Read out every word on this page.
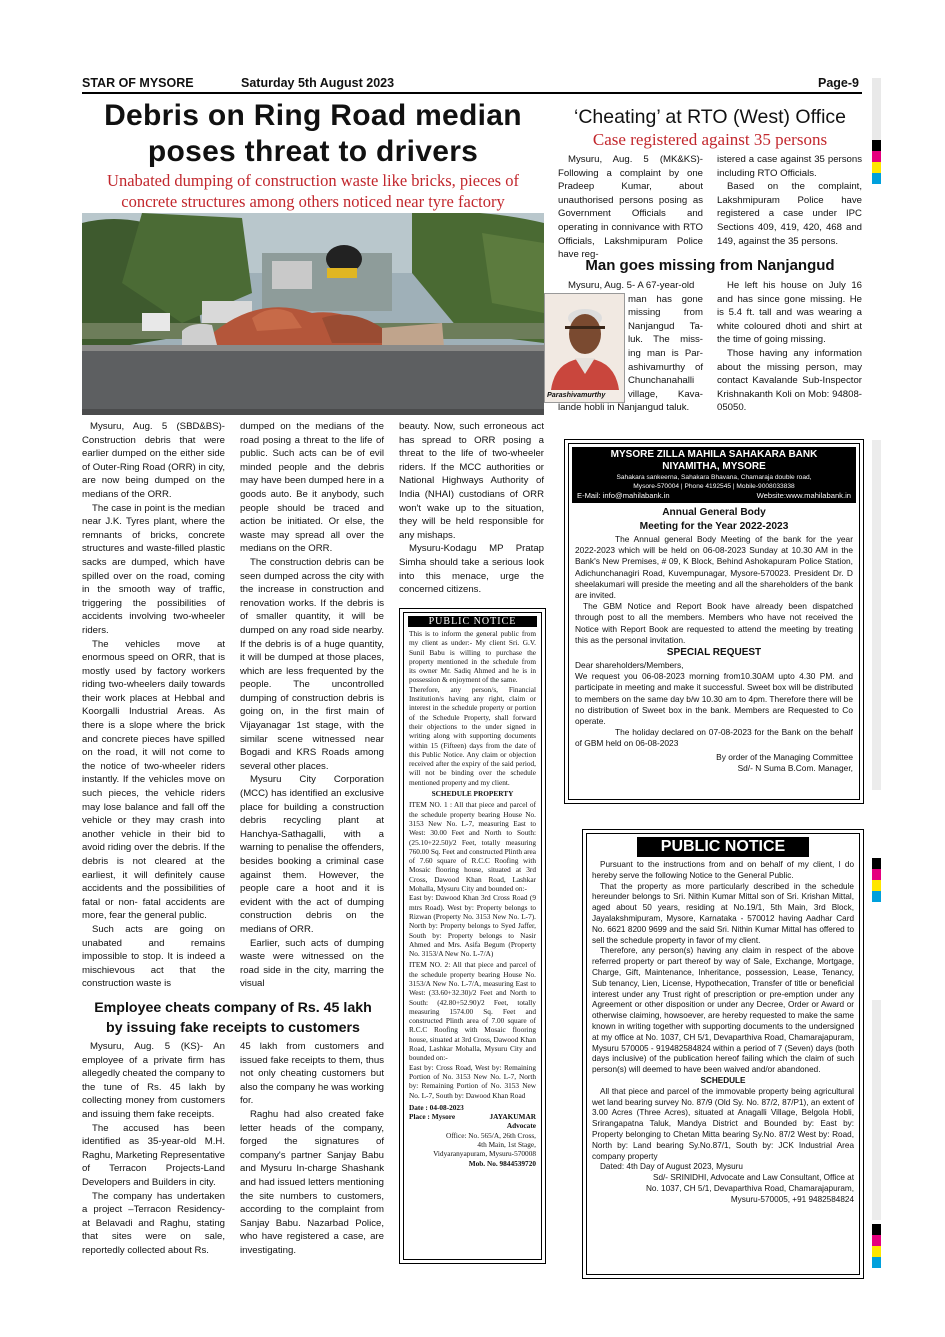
STAR OF MYSORE	Saturday 5th August 2023	Page-9
Debris on Ring Road median
poses threat to drivers
Unabated dumping of construction waste like bricks, pieces of
concrete structures among others noticed near tyre factory

Mysuru, Aug. 5 (SBD&BS)- Construction debris that were earlier dumped on the either side of Outer-Ring Road (ORR) in city, are now being dumped on the medians of the ORR.

The case in point is the median near J.K. Tyres plant, where the remnants of bricks, concrete structures and waste-filled plastic sacks are dumped, which have spilled over on the road, coming in the smooth way of traffic, triggering the possibilities of accidents involving two-wheeler riders.

The vehicles move at enormous speed on ORR, that is mostly used by factory workers riding two-wheelers daily towards their work places at Hebbal and Koorgalli Industrial Areas. As there is a slope where the brick and concrete pieces have spilled on the road, it will not come to the notice of two-wheeler riders instantly. If the vehicles move on such pieces, the vehicle riders may lose balance and fall off the vehicle or they may crash into another vehicle in their bid to avoid riding over the debris. If the debris is not cleared at the earliest, it will definitely cause accidents and the possibilities of fatal or non- fatal accidents are more, fear the general public.

Such acts are going on unabated and remains impossible to stop. It is indeed a mischievous act that the construction waste is

dumped on the medians of the road posing a threat to the life of public. Such acts can be of evil minded people and the debris may have been dumped here in a goods auto. Be it anybody, such people should be traced and action be initiated. Or else, the waste may spread all over the medians on the ORR.

The construction debris can be seen dumped across the city with the increase in construction and renovation works. If the debris is of smaller quantity, it will be dumped on any road side nearby. If the debris is of a huge quantity, it will be dumped at those places, which are less frequented by the people. The uncontrolled dumping of construction debris is going on, in the first main of Vijayanagar 1st stage, with the similar scene witnessed near Bogadi and KRS Roads among several other places.

Mysuru City Corporation (MCC) has identified an exclusive place for building a construction debris recycling plant at Hanchya-Sathagalli, with a warning to penalise the offenders, besides booking a criminal case against them. However, the people care a hoot and it is evident with the act of dumping construction debris on the medians of ORR.

Earlier, such acts of dumping waste were witnessed on the road side in the city, marring the visual

beauty. Now, such erroneous act has spread to ORR posing a threat to the life of two-wheeler riders. If the MCC authorities or National Highways Authority of India (NHAI) custodians of ORR won't wake up to the situation, they will be held responsible for any mishaps.

Mysuru-Kodagu MP Pratap Simha should take a serious look into this menace, urge the concerned citizens.

PUBLIC NOTICE

This is to inform the general public from my client as under:- My client Sri. G.V. Sunil Babu is willing to purchase the property mentioned in the schedule from its owner Mr. Sadiq Ahmed and he is in possession & enjoyment of the same.

Therefore, any person/s, Financial Institution/s having any right, claim or interest in the schedule property or portion of the Schedule Property, shall forward their objections to the under signed in writing along with supporting documents within 15 (Fifteen) days from the date of this Public Notice. Any claim or objection received after the expiry of the said period, will not be binding over the schedule mentioned property and my client.

SCHEDULE PROPERTY

ITEM NO. 1 : All that piece and parcel of the schedule property bearing House No. 3153 New No. L-7, measuring East to West: 30.00 Feet and North to South: (25.10+22.50)/2 Feet, totally measuring 760.00 Sq. Feet and constructed Plinth area of 7.60 square of R.C.C Roofing with Mosaic flooring house, situated at 3rd Cross, Dawood Khan Road, Lashkar Mohalla, Mysuru City and bounded on:-

East by: Dawood Khan 3rd Cross Road (9 mtrs Road). West by: Property belongs to Rizwan (Property No. 3153 New No. L-7). North by: Property belongs to Syed Jaffer, South by: Property belongs to Nasir Ahmed and Mrs. Asifa Begum (Property No. 3153/A New No. L-7/A)

ITEM NO. 2: All that piece and parcel of the schedule property bearing House No. 3153/A New No. L-7/A, measuring East to West: (33.60+32.30)/2 Feet and North to South: (42.80+52.90)/2 Feet, totally measuring 1574.00 Sq. Feet and constructed Plinth area of 7.00 square of R.C.C Roofing with Mosaic flooring house, situated at 3rd Cross, Dawood Khan Road, Lashkar Mohalla, Mysuru City and bounded on:-

East by: Cross Road, West by: Remaining Portion of No. 3153 New No. L-7, North by: Remaining Portion of No. 3153 New No. L-7, South by: Dawood Khan Road

Date : 04-08-2023
Place : Mysore	JAYAKUMAR
Advocate
Office: No. 565/A, 26th Cross,
4th Main, 1st Stage,
Vidyaranyapuram, Mysuru-570008
Mob. No. 9844539720
Employee cheats company of Rs. 45 lakh
by issuing fake receipts to customers

Mysuru, Aug. 5 (KS)- An employee of a private firm has allegedly cheated the company to the tune of Rs. 45 lakh by collecting money from customers and issuing them fake receipts.

The accused has been identified as 35-year-old M.H. Raghu, Marketing Representative of Terracon Projects-Land Developers and Builders in city.

The company has undertaken a project –Terracon Residency- at Belavadi and Raghu, stating that sites were on sale, reportedly collected about Rs.

45 lakh from customers and issued fake receipts to them, thus not only cheating customers but also the company he was working for.

Raghu had also created fake letter heads of the company, forged the signatures of company's partner Sanjay Babu and Mysuru In-charge Shashank and had issued letters mentioning the site numbers to customers, according to the complaint from Sanjay Babu. Nazarbad Police, who have registered a case, are investigating.

‘Cheating’ at RTO (West) Office
Case registered against 35 persons

Mysuru, Aug. 5 (MK&KS)- Following a complaint by one Pradeep Kumar, about unauthorised persons posing as Government Officials and operating in connivance with RTO Officials, Lakshmipuram Police have reg-

istered a case against 35 persons including RTO Officials.

Based on the complaint, Lakshmipuram Police have registered a case under IPC Sections 409, 419, 420, 468 and 149, against the 35 persons.

Man goes missing from Nanjangud
Parashivamurthy
Mysuru, Aug. 5- A 67-year-old
man has gone
missing from
Nanjangud Ta-
luk. The miss-
ing man is Par-
ashivamurthy of
Chunchanahalli
village, Kava-
lande hobli in Nanjangud taluk.

He left his house on July 16 and has since gone missing. He is 5.4 ft. tall and was wearing a white coloured dhoti and shirt at the time of going missing.

Those having any information about the missing person, may contact Kavalande Sub-Inspector Krishnakanth Koli on Mob: 94808-05050.

MYSORE ZILLA MAHILA SAHAKARA BANK
NIYAMITHA, MYSORE
Sahakara sankeerna, Sahakara Bhavana, Chamaraja double road,
Mysore-570004 | Phone 4192545 | Mobile-9008033838
E-Mail: info@mahilabank.in	Website:www.mahilabank.in
Annual General Body
Meeting for the Year 2022-2023

The Annual general Body Meeting of the bank for the year 2022-2023 which will be held on 06-08-2023 Sunday at 10.30 AM in the Bank's New Premises, # 09, K Block, Behind Ashokapuram Police Station, Adichunchanagiri Road, Kuvempunagar, Mysore-570023. President Dr. D sheelakumari will preside the meeting and all the shareholders of the bank are invited.

The GBM Notice and Report Book have already been dispatched through post to all the members. Members who have not received the Notice with Report Book are requested to attend the meeting by treating this as the personal invitation.

SPECIAL REQUEST

Dear shareholders/Members,

We request you 06-08-2023 morning from10.30AM upto 4.30 PM. and participate in meeting and make it successful. Sweet box will be distributed to members on the same day b/w 10.30 am to 4pm. Therefore there will be no distribution of Sweet box in the bank. Members are Requested to Co operate.

The holiday declared on 07-08-2023 for the Bank on the behalf of GBM held on 06-08-2023

By order of the Managing Committee

Sd/- N Suma B.Com. Manager,

PUBLIC NOTICE

Pursuant to the instructions from and on behalf of my client, I do hereby serve the following Notice to the General Public.

That the property as more particularly described in the schedule hereunder belongs to Sri. Nithin Kumar Mittal son of Sri. Krishan Mittal, aged about 50 years, residing at No.19/1, 5th Main, 3rd Block, Jayalakshmipuram, Mysore, Karnataka - 570012 having Aadhar Card No. 6621 8200 9699 and the said Sri. Nithin Kumar Mittal has offered to sell the schedule property in favor of my client.

Therefore, any person(s) having any claim in respect of the above referred property or part thereof by way of Sale, Exchange, Mortgage, Charge, Gift, Maintenance, Inheritance, possession, Lease, Tenancy, Sub tenancy, Lien, License, Hypothecation, Transfer of title or beneficial interest under any Trust right of prescription or pre-emption under any Agreement or other disposition or under any Decree, Order or Award or otherwise claiming, howsoever, are hereby requested to make the same known in writing together with supporting documents to the undersigned at my office at No. 1037, CH 5/1, Devaparthiva Road, Chamarajapuram, Mysuru 570005 - 919482584824 within a period of 7 (Seven) days (both days inclusive) of the publication hereof failing which the claim of such person(s) will deemed to have been waived and/or abandoned.

SCHEDULE

All that piece and parcel of the immovable property being agricultural wet land bearing survey No. 87/9 (Old Sy. No. 87/2, 87/P1), an extent of 3.00 Acres (Three Acres), situated at Anagalli Village, Belgola Hobli, Srirangapatna Taluk, Mandya District and Bounded by: East by: Property belonging to Chetan Mitta bearing Sy.No. 87/2 West by: Road, North by: Land bearing Sy.No.87/1, South by: JCK Industrial Area company property

Dated: 4th Day of August 2023, Mysuru

Sd/- SRINIDHI, Advocate and Law Consultant, Office at

No. 1037, CH 5/1, Devaparthiva Road, Chamarajapuram,

Mysuru-570005, +91 9482584824
